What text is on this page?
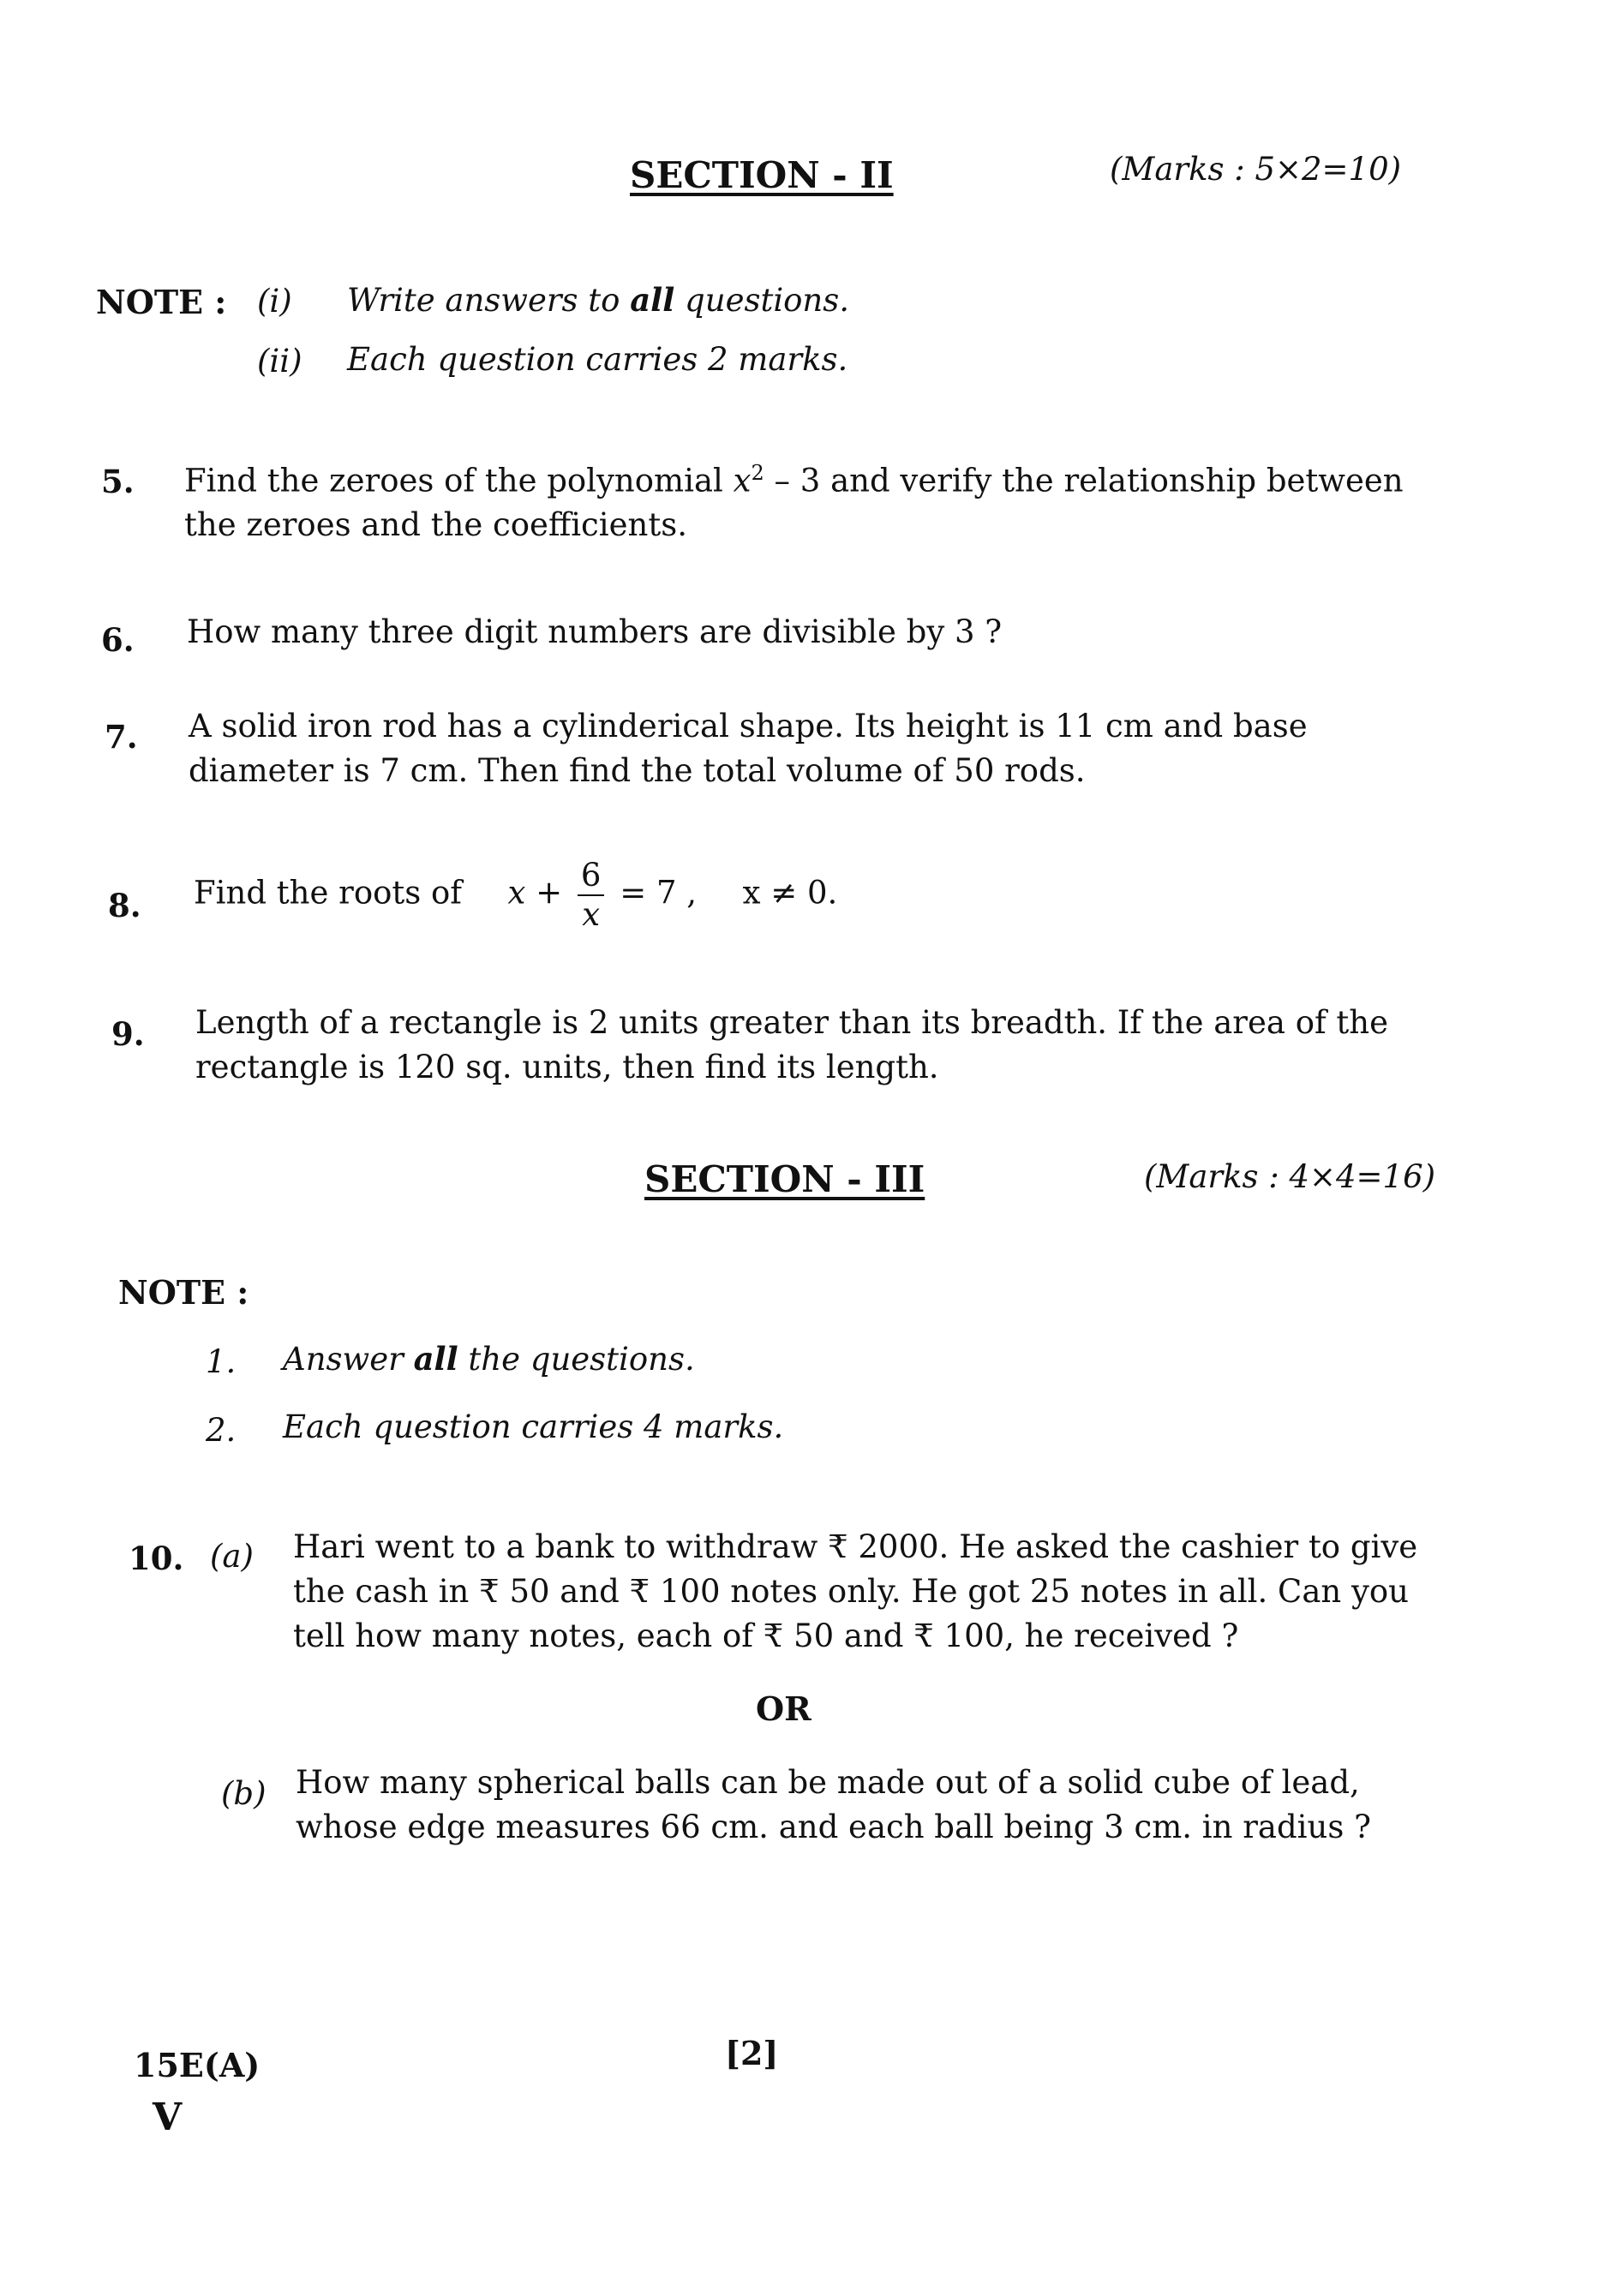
SECTION - II	(Marks : 5×2=10)
NOTE : (i) Write answers to all questions.
(ii) Each question carries 2 marks.
5. Find the zeroes of the polynomial $x^2 - 3$ and verify the relationship between the zeroes and the coefficients.
6. How many three digit numbers are divisible by 3 ?
7. A solid iron rod has a cylinderical shape. Its height is 11 cm and base diameter is 7 cm. Then find the total volume of 50 rods.
8. Find the roots of $x + \frac{6}{x} = 7$ , x ≠ 0.
9. Length of a rectangle is 2 units greater than its breadth. If the area of the rectangle is 120 sq. units, then find its length.
SECTION - III	(Marks : 4×4=16)
NOTE :
1. Answer all the questions.
2. Each question carries 4 marks.
10. (a) Hari went to a bank to withdraw ₹ 2000. He asked the cashier to give the cash in ₹ 50 and ₹ 100 notes only. He got 25 notes in all. Can you tell how many notes, each of ₹ 50 and ₹ 100, he received ?
OR
(b) How many spherical balls can be made out of a solid cube of lead, whose edge measures 66 cm. and each ball being 3 cm. in radius ?
15E(A)	[2]
V
